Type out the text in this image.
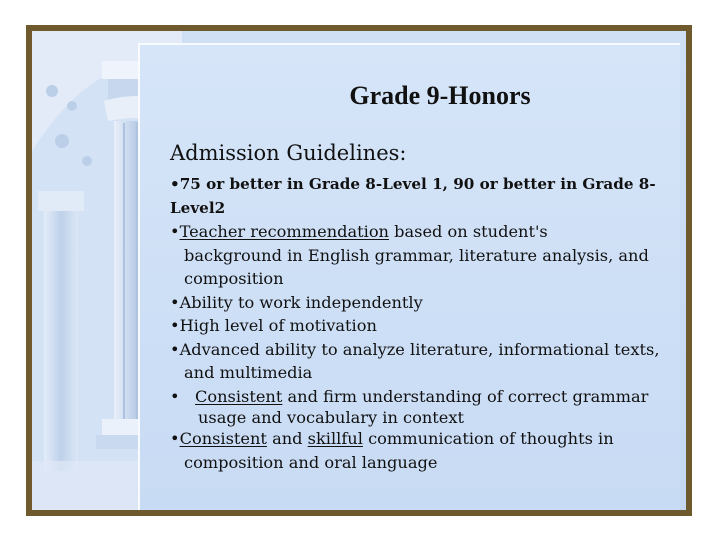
Grade 9-Honors
Admission Guidelines:

•75 or better in Grade 8-Level 1, 90 or better in Grade 8-
Level2

•Teacher recommendation based on student's
background in English grammar, literature analysis, and
composition

•Ability to work independently

•High level of motivation

•Advanced ability to analyze literature, informational texts,
and multimedia

• Consistent and firm understanding of correct grammar
usage and vocabulary in context

•Consistent and skillful communication of thoughts in
composition and oral language
